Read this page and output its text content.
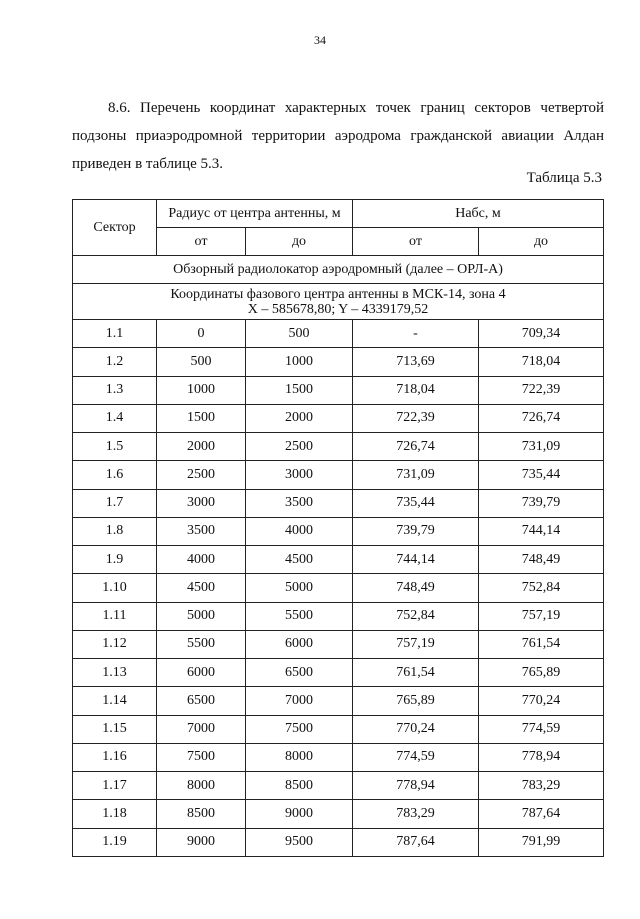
34

8.6. Перечень координат характерных точек границ секторов четвертой подзоны приаэродромной территории аэродрома гражданской авиации Алдан приведен в таблице 5.3.

Таблица 5.3
Сектор	Радиус от центра антенны, м		Набс, м	
	от	до	от	до
Обзорный радиолокатор аэродромный (далее – ОРЛ-А)				

Координаты фазового центра антенны в МСК-14, зона 4
X – 585678,80; Y – 4339179,52				

1.1	0	500	-	709,34
1.2	500	1000	713,69	718,04
1.3	1000	1500	718,04	722,39
1.4	1500	2000	722,39	726,74
1.5	2000	2500	726,74	731,09
1.6	2500	3000	731,09	735,44
1.7	3000	3500	735,44	739,79
1.8	3500	4000	739,79	744,14
1.9	4000	4500	744,14	748,49
1.10	4500	5000	748,49	752,84
1.11	5000	5500	752,84	757,19
1.12	5500	6000	757,19	761,54
1.13	6000	6500	761,54	765,89
1.14	6500	7000	765,89	770,24
1.15	7000	7500	770,24	774,59
1.16	7500	8000	774,59	778,94
1.17	8000	8500	778,94	783,29
1.18	8500	9000	783,29	787,64
1.19	9000	9500	787,64	791,99
